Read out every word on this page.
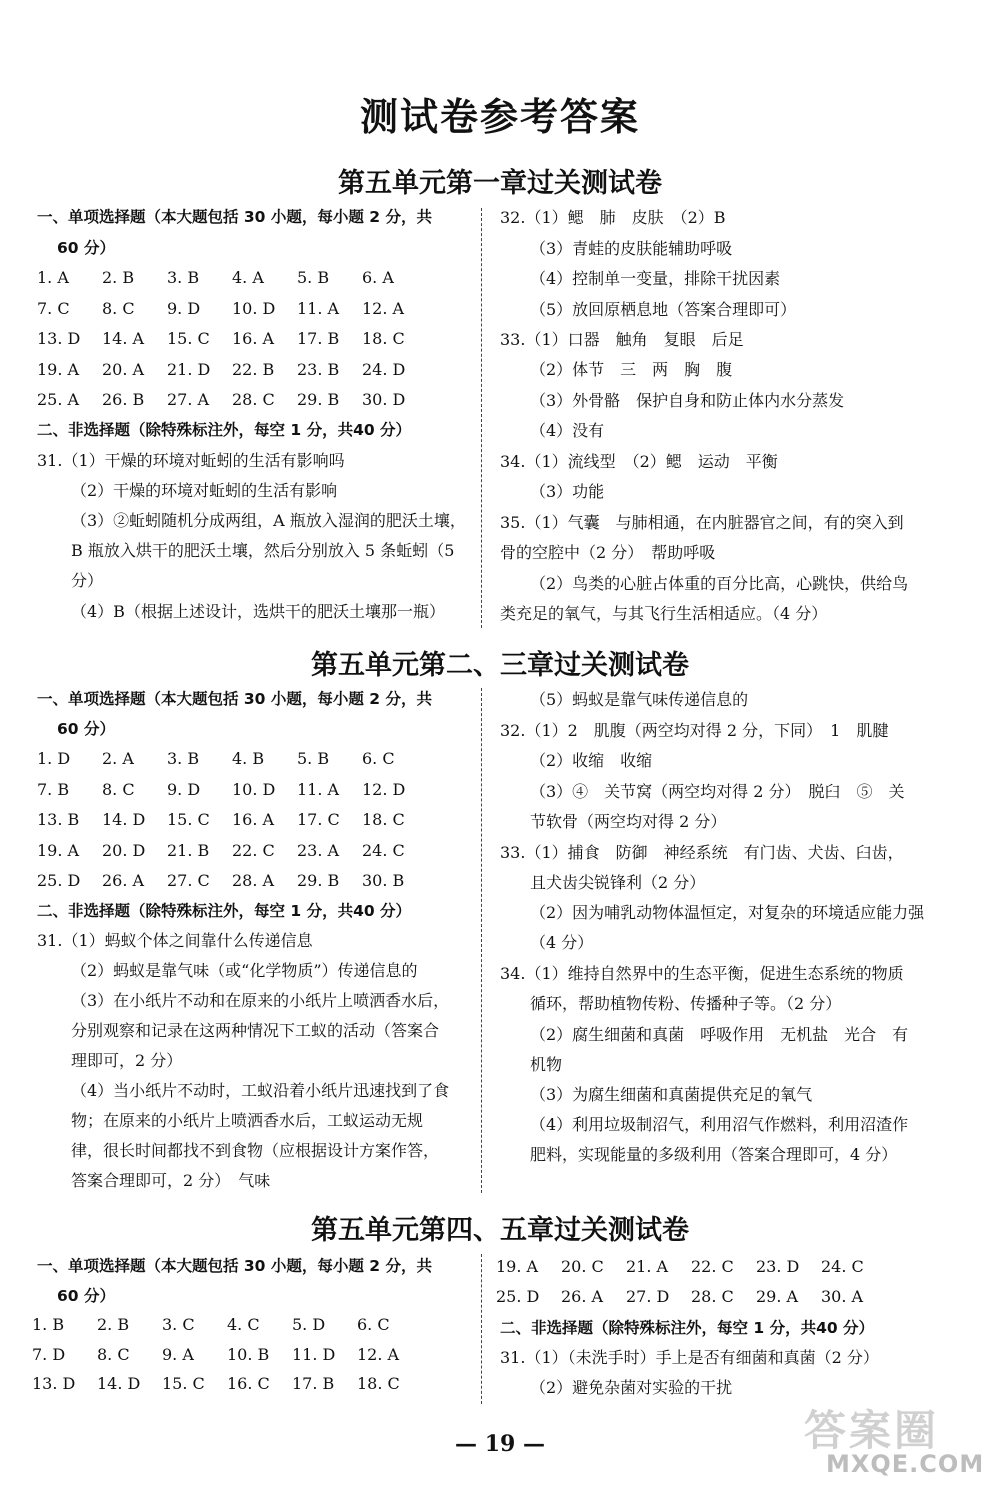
测试卷参考答案
第五单元第一章过关测试卷
一、单项选择题（本大题包括 30 小题，每小题 2 分，共
60 分）
1. A 2. B 3. B 4. A 5. B 6. A
7. C 8. C 9. D 10. D 11. A 12. A
13. D 14. A 15. C 16. A 17. B 18. C
19. A 20. A 21. D 22. B 23. B 24. D
25. A 26. B 27. A 28. C 29. B 30. D
二、非选择题（除特殊标注外，每空 1 分，共40 分）
31.（1）干燥的环境对蚯蚓的生活有影响吗
（2）干燥的环境对蚯蚓的生活有影响
（3）②蚯蚓随机分成两组，A 瓶放入湿润的肥沃土壤，
B 瓶放入烘干的肥沃土壤，然后分别放入 5 条蚯蚓（5
分）
（4）B（根据上述设计，选烘干的肥沃土壤那一瓶）
32.（1）鳃　肺　皮肤　（2）B
（3）青蛙的皮肤能辅助呼吸
（4）控制单一变量，排除干扰因素
（5）放回原栖息地（答案合理即可）
33.（1）口器　触角　复眼　后足
（2）体节　三　两　胸　腹
（3）外骨骼　保护自身和防止体内水分蒸发
（4）没有
34.（1）流线型　（2）鳃　运动　平衡
（3）功能
35.（1）气囊　与肺相通，在内脏器官之间，有的突入到
骨的空腔中（2 分）　帮助呼吸
（2）鸟类的心脏占体重的百分比高，心跳快，供给鸟
类充足的氧气，与其飞行生活相适应。（4 分）
第五单元第二、三章过关测试卷
一、单项选择题（本大题包括 30 小题，每小题 2 分，共
60 分）
1. D 2. A 3. B 4. B 5. B 6. C
7. B 8. C 9. D 10. D 11. A 12. D
13. B 14. D 15. C 16. A 17. C 18. C
19. A 20. D 21. B 22. C 23. A 24. C
25. D 26. A 27. C 28. A 29. B 30. B
二、非选择题（除特殊标注外，每空 1 分，共40 分）
31.（1）蚂蚁个体之间靠什么传递信息
（2）蚂蚁是靠气味（或“化学物质”）传递信息的
（3）在小纸片不动和在原来的小纸片上喷洒香水后，
分别观察和记录在这两种情况下工蚁的活动（答案合
理即可，2 分）
（4）当小纸片不动时，工蚁沿着小纸片迅速找到了食
物；在原来的小纸片上喷洒香水后，工蚁运动无规
律，很长时间都找不到食物（应根据设计方案作答，
答案合理即可，2 分）　气味
（5）蚂蚁是靠气味传递信息的
32.（1）2　肌腹（两空均对得 2 分，下同）　1　肌腱
（2）收缩　收缩
（3）④　关节窝（两空均对得 2 分）　脱臼　⑤　关
节软骨（两空均对得 2 分）
33.（1）捕食　防御　神经系统　有门齿、犬齿、臼齿，
且犬齿尖锐锋利（2 分）
（2）因为哺乳动物体温恒定，对复杂的环境适应能力强
（4 分）
34.（1）维持自然界中的生态平衡，促进生态系统的物质
循环，帮助植物传粉、传播种子等。（2 分）
（2）腐生细菌和真菌　呼吸作用　无机盐　光合　有
机物
（3）为腐生细菌和真菌提供充足的氧气
（4）利用垃圾制沼气，利用沼气作燃料，利用沼渣作
肥料，实现能量的多级利用（答案合理即可，4 分）
第五单元第四、五章过关测试卷
一、单项选择题（本大题包括 30 小题，每小题 2 分，共
60 分）
1. B 2. B 3. C 4. C 5. D 6. C
7. D 8. C 9. A 10. B 11. D 12. A
13. D 14. D 15. C 16. C 17. B 18. C
19. A 20. C 21. A 22. C 23. D 24. C
25. D 26. A 27. D 28. C 29. A 30. A
二、非选择题（除特殊标注外，每空 1 分，共40 分）
31.（1）（未洗手时）手上是否有细菌和真菌（2 分）
（2）避免杂菌对实验的干扰
— 19 —	答案圈
MXQE.COM
